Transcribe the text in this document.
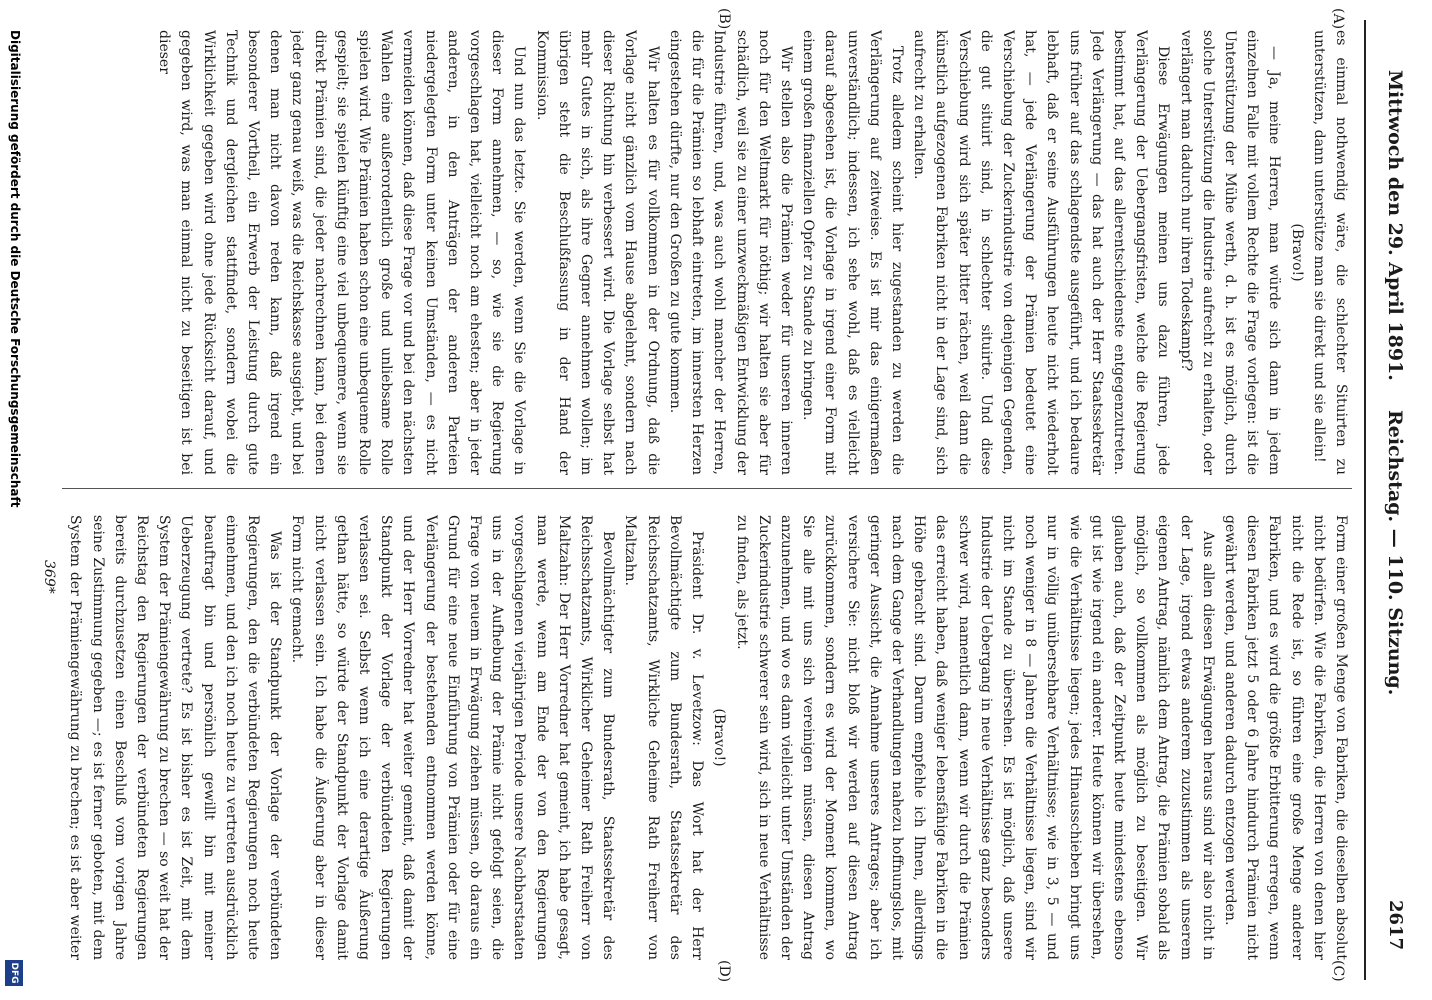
Reichstag. — 110. Sitzung.
Mittwoch den 29. April 1891.
2617
(A)
(B)
(C)
(D)

es einmal nothwendig wäre, die schlechter Situirten zu unterstützen, dann unterstütze man sie direkt und sie allein!

(Bravo!)

— Ja, meine Herren, man würde sich dann in jedem einzelnen Falle mit vollem Rechte die Frage vorlegen: ist die Unterstützung der Mühe werth, d. h. ist es möglich, durch solche Unterstützung die Industrie aufrecht zu erhalten, oder verlängert man dadurch nur ihren Todeskampf?

Diese Erwägungen meinen uns dazu führen, jede Verlängerung der Uebergangsfristen, welche die Regierung bestimmt hat, auf das allerentschiedenste entgegenzutreten. Jede Verlängerung — das hat auch der Herr Staatssekretär uns früher auf das schlagendste ausgeführt, und ich bedaure lebhaft, daß er seine Ausführungen heute nicht wiederholt hat, — jede Verlängerung der Prämien bedeutet eine Verschiebung der Zuckerindustrie von denjenigen Gegenden, die gut situirt sind, in schlechter situirte. Und diese Verschiebung wird sich später bitter rächen, weil dann die künstlich aufgezogenen Fabriken nicht in der Lage sind, sich aufrecht zu erhalten.

Trotz alledem scheint hier zugestanden zu werden die Verlängerung auf zeitweise. Es ist mir das einigermaßen unverständlich; indessen, ich sehe wohl, daß es vielleicht darauf abgesehen ist, die Vorlage in irgend einer Form mit einem großen finanziellen Opfer zu Stande zu bringen.

Wir stellen also die Prämien weder für unseren inneren noch für den Weltmarkt für nöthig; wir halten sie aber für schädlich, weil sie zu einer unzweckmäßigen Entwicklung der Industrie führen, und, was auch wohl mancher der Herren, die für die Prämien so lebhaft eintreten, im innersten Herzen eingestehen dürfte, nur den Großen zu gute kommen.

Wir halten es für vollkommen in der Ordnung, daß die Vorlage nicht gänzlich vom Hause abgelehnt, sondern nach dieser Richtung hin verbessert wird. Die Vorlage selbst hat mehr Gutes in sich, als ihre Gegner annehmen wollen; im übrigen steht die Beschlußfassung in der Hand der Kommission.

Und nun das letzte. Sie werden, wenn Sie die Vorlage in dieser Form annehmen, — so, wie sie die Regierung vorgeschlagen hat, vielleicht noch am ehesten; aber in jeder anderen, in den Anträgen der anderen Parteien niedergelegten Form unter keinen Umständen, — es nicht vermeiden können, daß diese Frage vor und bei den nächsten Wahlen eine außerordentlich große und unliebsame Rolle spielen wird. Wie Prämien haben schon eine unbequeme Rolle gespielt; sie spielen künftig eine viel unbequemere, wenn sie direkt Prämien sind, die jeder nachrechnen kann, bei denen jeder ganz genau weiß, was die Reichskasse ausgiebt, und bei denen man nicht davon reden kann, daß irgend ein besonderer Vortheil, ein Erwerb der Leistung durch gute Technik und dergleichen stattfindet, sondern wobei die Wirklichkeit gegeben wird ohne jede Rücksicht darauf, und gegeben wird, was man einmal nicht zu beseitigen ist bei dieser

Form einer großen Menge von Fabriken, die dieselben absolut nicht bedürfen. Wie die Fabriken, die Herren von denen hier nicht die Rede ist, so führen eine große Menge anderer Fabriken, und es wird die größte Erbitterung erregen, wenn diesen Fabriken jetzt 5 oder 6 Jahre hindurch Prämien nicht gewährt werden, und anderen dadurch entzogen werden.

Aus allen diesen Erwägungen heraus sind wir also nicht in der Lage, irgend etwas anderem zuzustimmen als unserem eigenen Antrag, nämlich dem Antrag, die Prämien sobald als möglich, so vollkommen als möglich zu beseitigen. Wir glauben auch, daß der Zeitpunkt heute mindestens ebenso gut ist wie irgend ein anderer. Heute können wir übersehen, wie die Verhältnisse liegen; jedes Hinausschieben bringt uns nur in völlig unübersehbare Verhältnisse; wie in 3, 5 — und noch weniger in 8 — Jahren die Verhältnisse liegen, sind wir nicht im Stande zu übersehen. Es ist möglich, daß unsere Industrie der Uebergang in neue Verhältnisse ganz besonders schwer wird, namentlich dann, wenn wir durch die Prämien das erreicht haben, daß weniger lebensfähige Fabriken in die Höhe gebracht sind. Darum empfehle ich Ihnen, allerdings nach dem Gange der Verhandlungen nahezu hoffnungslos, mit geringer Aussicht, die Annahme unseres Antrages; aber ich versichere Sie: nicht bloß wir werden auf diesen Antrag zurückkommen, sondern es wird der Moment kommen, wo Sie alle mit uns sich vereinigen müssen, diesen Antrag anzunehmen, und wo es dann vielleicht unter Umständen der Zuckerindustrie schwerer sein wird, sich in neue Verhältnisse zu finden, als jetzt.

(Bravo!)

Präsident Dr. v. Levetzow: Das Wort hat der Herr Bevollmächtigte zum Bundesrath, Staatssekretär des Reichsschatzamts, Wirkliche Geheime Rath Freiherr von Maltzahn.

Bevollmächtigter zum Bundesrath, Staatssekretär des Reichsschatzamts, Wirklicher Geheimer Rath Freiherr von Maltzahn: Der Herr Vorredner hat gemeint, ich habe gesagt, man werde, wenn am Ende der von den Regierungen vorgeschlagenen vierjährigen Periode unsere Nachbarstaaten uns in der Aufhebung der Prämie nicht gefolgt seien, die Frage von neuem in Erwägung ziehen müssen, ob daraus ein Grund für eine neue Einführung von Prämien oder für eine Verlängerung der bestehenden entnommen werden könne, und der Herr Vorredner hat weiter gemeint, daß damit der Standpunkt der Vorlage der verbündeten Regierungen verlassen sei. Selbst wenn ich eine derartige Äußerung gethan hätte, so würde der Standpunkt der Vorlage damit nicht verlassen sein. Ich habe die Äußerung aber in dieser Form nicht gemacht.

Was ist der Standpunkt der Vorlage der verbündeten Regierungen, den die verbündeten Regierungen noch heute einnehmen, und den ich noch heute zu vertreten ausdrücklich beauftragt bin und persönlich gewillt bin mit meiner Ueberzeugung vertrete? Es ist bisher es ist Zeit, mit dem System der Prämiengewährung zu brechen — so weit hat der Reichstag den Regierungen der verbündeten Regierungen bereits durchzusetzen einen Beschluß vom vorigen Jahre seine Zustimmung gegeben —; es ist ferner geboten, mit dem System der Prämiengewährung zu brechen; es ist aber weiter

369*
Digitalisierung gefördert durch die Deutsche Forschungsgemeinschaft
DFG
